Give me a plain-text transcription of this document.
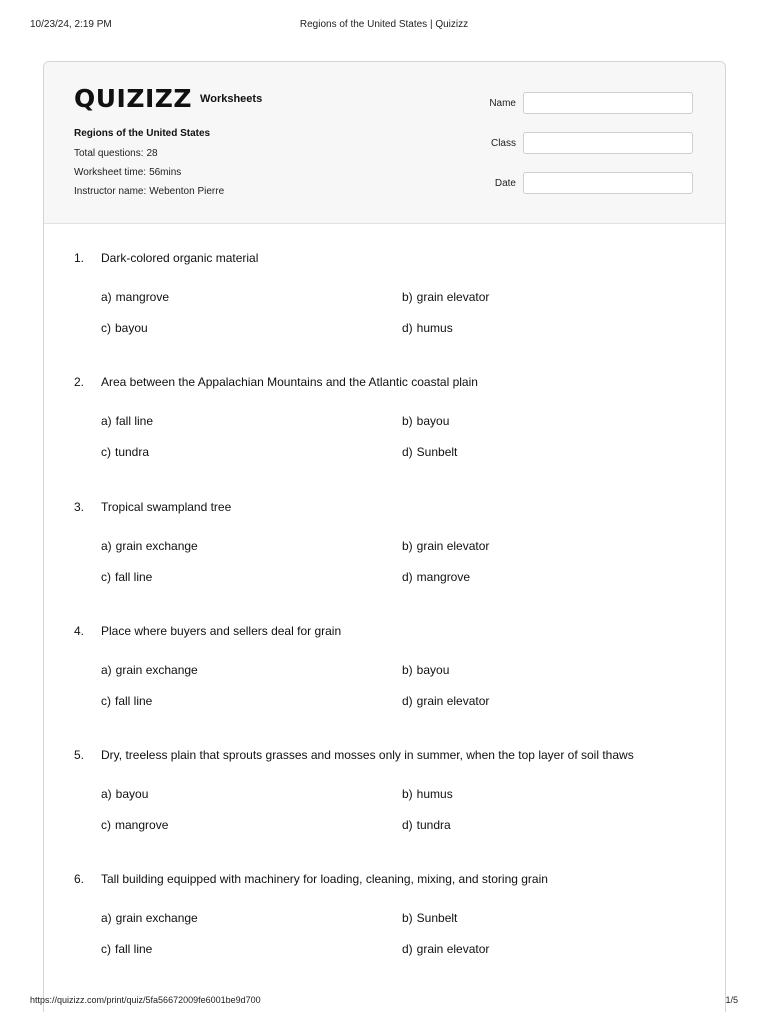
10/23/24, 2:19 PM	Regions of the United States | Quizizz
QUIZIZZ Worksheets
Regions of the United States
Total questions: 28
Worksheet time: 56mins
Instructor name: Webenton Pierre
Name
Class
Date
1. Dark-colored organic material
a) mangrove	b) grain elevator
c) bayou	d) humus
2. Area between the Appalachian Mountains and the Atlantic coastal plain
a) fall line	b) bayou
c) tundra	d) Sunbelt
3. Tropical swampland tree
a) grain exchange	b) grain elevator
c) fall line	d) mangrove
4. Place where buyers and sellers deal for grain
a) grain exchange	b) bayou
c) fall line	d) grain elevator
5. Dry, treeless plain that sprouts grasses and mosses only in summer, when the top layer of soil thaws
a) bayou	b) humus
c) mangrove	d) tundra
6. Tall building equipped with machinery for loading, cleaning, mixing, and storing grain
a) grain exchange	b) Sunbelt
c) fall line	d) grain elevator
https://quizizz.com/print/quiz/5fa56672009fe6001be9d700	1/5
